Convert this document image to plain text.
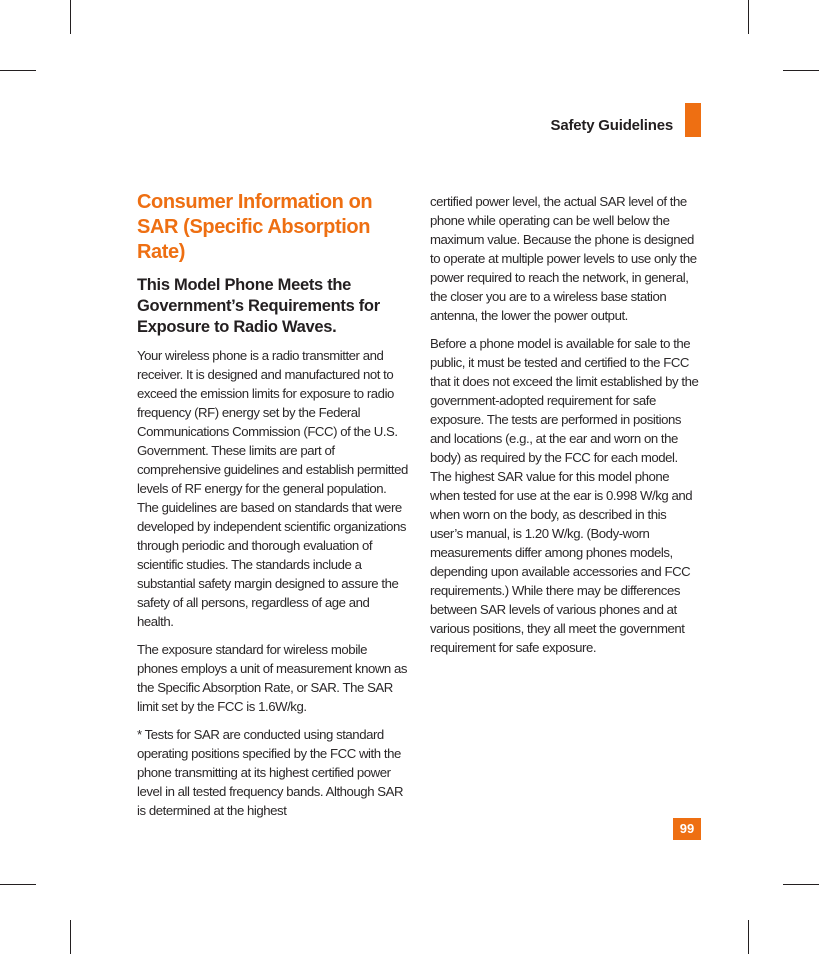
Safety Guidelines
Consumer Information on SAR (Specific Absorption Rate)
This Model Phone Meets the Government’s Requirements for Exposure to Radio Waves.

Your wireless phone is a radio transmitter and receiver. It is designed and manufactured not to exceed the emission limits for exposure to radio frequency (RF) energy set by the Federal Communications Commission (FCC) of the U.S. Government. These limits are part of comprehensive guidelines and establish permitted levels of RF energy for the general population. The guidelines are based on standards that were developed by independent scientific organizations through periodic and thorough evaluation of scientific studies. The standards include a substantial safety margin designed to assure the safety of all persons, regardless of age and health.

The exposure standard for wireless mobile phones employs a unit of measurement known as the Specific Absorption Rate, or SAR. The SAR limit set by the FCC is 1.6W/kg.

* Tests for SAR are conducted using standard operating positions specified by the FCC with the phone transmitting at its highest certified power level in all tested frequency bands. Although SAR is determined at the highest

certified power level, the actual SAR level of the phone while operating can be well below the maximum value. Because the phone is designed to operate at multiple power levels to use only the power required to reach the network, in general, the closer you are to a wireless base station antenna, the lower the power output.

Before a phone model is available for sale to the public, it must be tested and certified to the FCC that it does not exceed the limit established by the government-adopted requirement for safe exposure. The tests are performed in positions and locations (e.g., at the ear and worn on the body) as required by the FCC for each model. The highest SAR value for this model phone when tested for use at the ear is 0.998 W/kg and when worn on the body, as described in this user’s manual, is 1.20 W/kg. (Body-worn measurements differ among phones models, depending upon available accessories and FCC requirements.) While there may be differences between SAR levels of various phones and at various positions, they all meet the government requirement for safe exposure.

99
